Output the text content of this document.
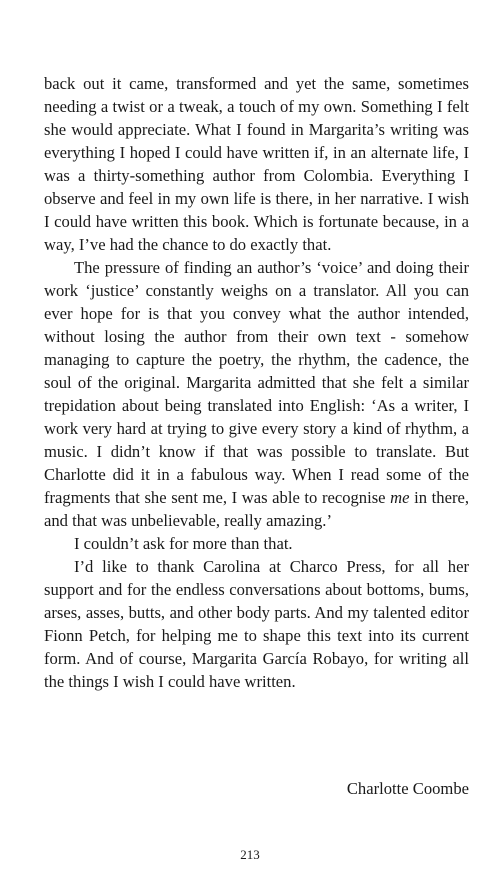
back out it came, transformed and yet the same, sometimes needing a twist or a tweak, a touch of my own. Something I felt she would appreciate. What I found in Margarita’s writing was everything I hoped I could have written if, in an alternate life, I was a thirty-something author from Colombia. Everything I observe and feel in my own life is there, in her narrative. I wish I could have written this book. Which is fortunate because, in a way, I’ve had the chance to do exactly that.

The pressure of finding an author’s ‘voice’ and doing their work ‘justice’ constantly weighs on a translator. All you can ever hope for is that you convey what the author intended, without losing the author from their own text - somehow managing to capture the poetry, the rhythm, the cadence, the soul of the original. Margarita admitted that she felt a similar trepidation about being translated into English: ‘As a writer, I work very hard at trying to give every story a kind of rhythm, a music. I didn’t know if that was possible to translate. But Charlotte did it in a fabulous way. When I read some of the fragments that she sent me, I was able to recognise me in there, and that was unbelievable, really amazing.’

I couldn’t ask for more than that.

I’d like to thank Carolina at Charco Press, for all her support and for the endless conversations about bottoms, bums, arses, asses, butts, and other body parts. And my talented editor Fionn Petch, for helping me to shape this text into its current form. And of course, Margarita García Robayo, for writing all the things I wish I could have written.

Charlotte Coombe

213
